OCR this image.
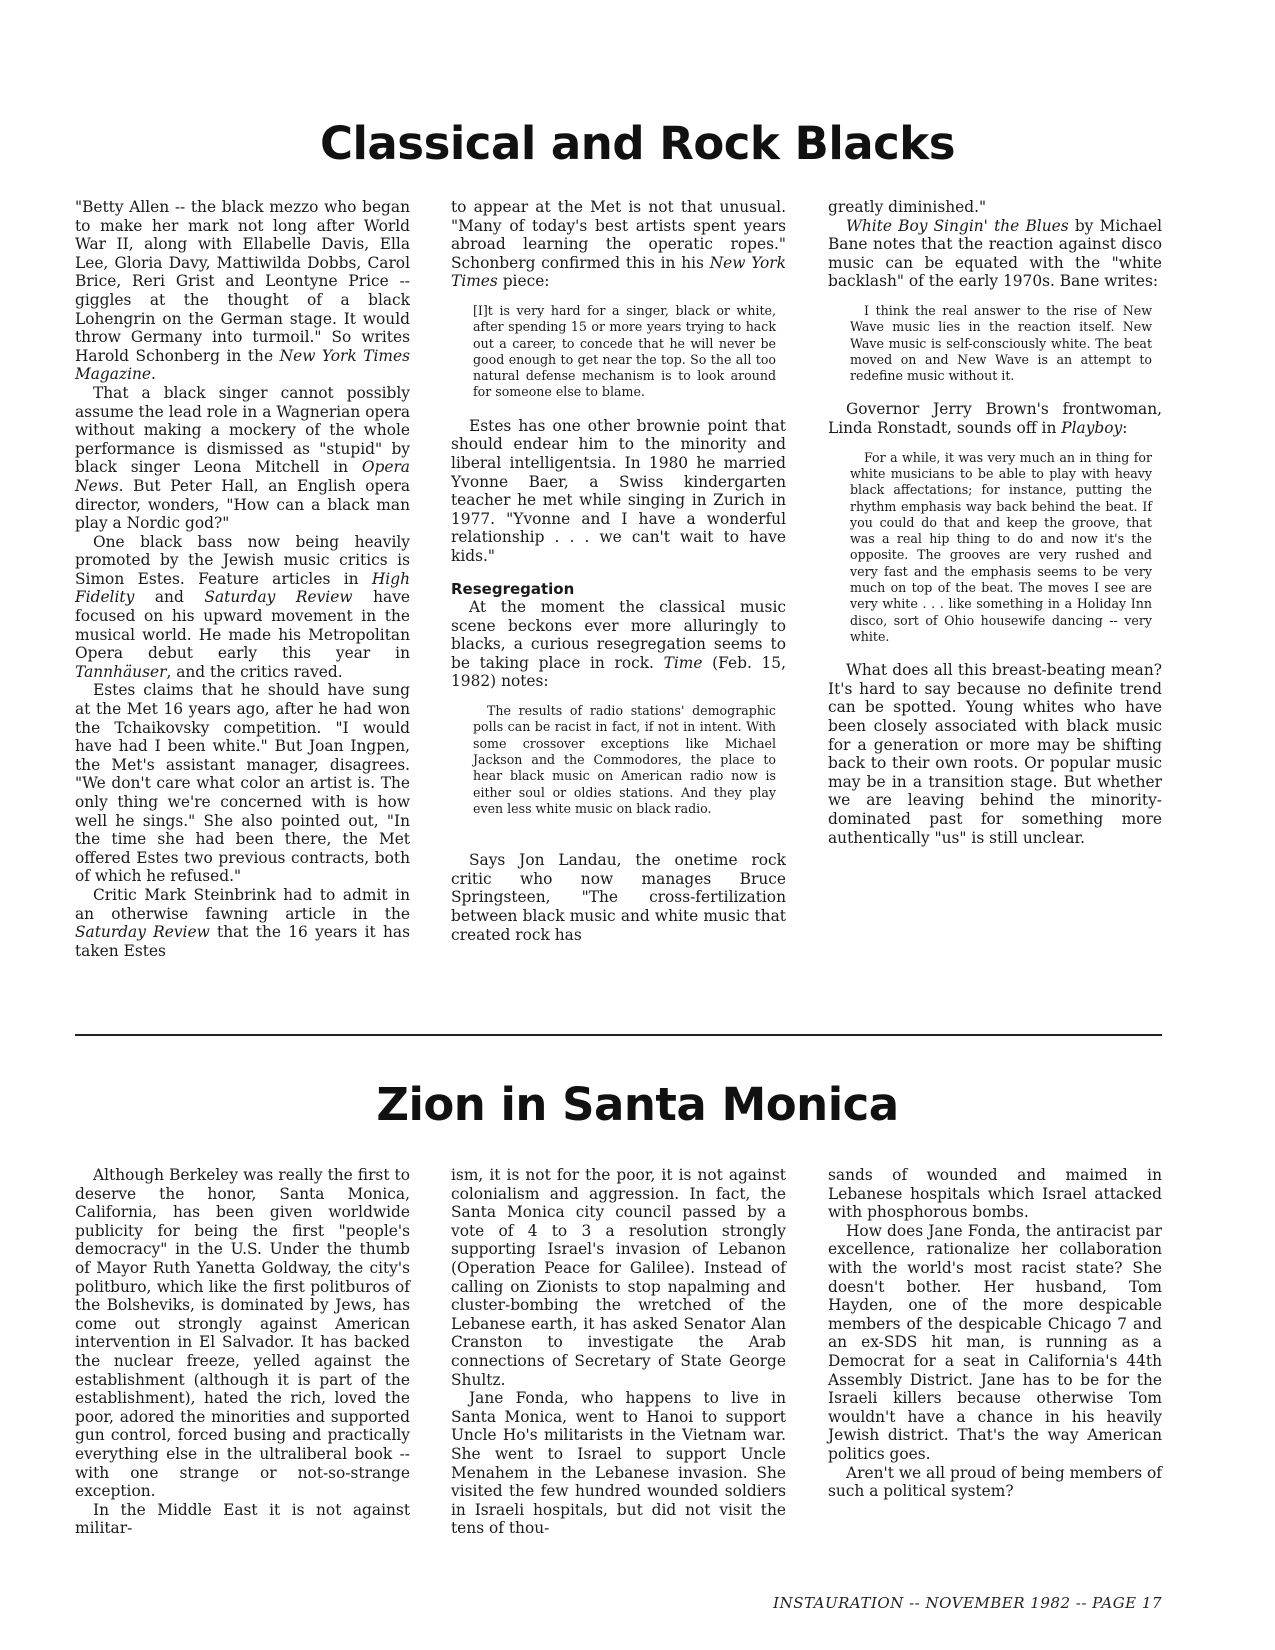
Classical and Rock Blacks

"Betty Allen -- the black mezzo who began to make her mark not long after World War II, along with Ellabelle Davis, Ella Lee, Gloria Davy, Mattiwilda Dobbs, Carol Brice, Reri Grist and Leontyne Price -- giggles at the thought of a black Lohengrin on the German stage. It would throw Germany into turmoil." So writes Harold Schonberg in the New York Times Magazine.

That a black singer cannot possibly assume the lead role in a Wagnerian opera without making a mockery of the whole performance is dismissed as "stupid" by black singer Leona Mitchell in Opera News. But Peter Hall, an English opera director, wonders, "How can a black man play a Nordic god?"

One black bass now being heavily promoted by the Jewish music critics is Simon Estes. Feature articles in High Fidelity and Saturday Review have focused on his upward movement in the musical world. He made his Metropolitan Opera debut early this year in Tannhäuser, and the critics raved.

Estes claims that he should have sung at the Met 16 years ago, after he had won the Tchaikovsky competition. "I would have had I been white." But Joan Ingpen, the Met's assistant manager, disagrees. "We don't care what color an artist is. The only thing we're concerned with is how well he sings." She also pointed out, "In the time she had been there, the Met offered Estes two previous contracts, both of which he refused."

Critic Mark Steinbrink had to admit in an otherwise fawning article in the Saturday Review that the 16 years it has taken Estes

to appear at the Met is not that unusual. "Many of today's best artists spent years abroad learning the operatic ropes." Schonberg confirmed this in his New York Times piece:

[I]t is very hard for a singer, black or white, after spending 15 or more years trying to hack out a career, to concede that he will never be good enough to get near the top. So the all too natural defense mechanism is to look around for someone else to blame.

Estes has one other brownie point that should endear him to the minority and liberal intelligentsia. In 1980 he married Yvonne Baer, a Swiss kindergarten teacher he met while singing in Zurich in 1977. "Yvonne and I have a wonderful relationship . . . we can't wait to have kids."

Resegregation

At the moment the classical music scene beckons ever more alluringly to blacks, a curious resegregation seems to be taking place in rock. Time (Feb. 15, 1982) notes:

The results of radio stations' demographic polls can be racist in fact, if not in intent. With some crossover exceptions like Michael Jackson and the Commodores, the place to hear black music on American radio now is either soul or oldies stations. And they play even less white music on black radio.

Says Jon Landau, the onetime rock critic who now manages Bruce Springsteen, "The cross-fertilization between black music and white music that created rock has

greatly diminished."

White Boy Singin' the Blues by Michael Bane notes that the reaction against disco music can be equated with the "white backlash" of the early 1970s. Bane writes:

I think the real answer to the rise of New Wave music lies in the reaction itself. New Wave music is self-consciously white. The beat moved on and New Wave is an attempt to redefine music without it.

Governor Jerry Brown's frontwoman, Linda Ronstadt, sounds off in Playboy:

For a while, it was very much an in thing for white musicians to be able to play with heavy black affectations; for instance, putting the rhythm emphasis way back behind the beat. If you could do that and keep the groove, that was a real hip thing to do and now it's the opposite. The grooves are very rushed and very fast and the emphasis seems to be very much on top of the beat. The moves I see are very white . . . like something in a Holiday Inn disco, sort of Ohio housewife dancing -- very white.

What does all this breast-beating mean? It's hard to say because no definite trend can be spotted. Young whites who have been closely associated with black music for a generation or more may be shifting back to their own roots. Or popular music may be in a transition stage. But whether we are leaving behind the minority-dominated past for something more authentically "us" is still unclear.

Zion in Santa Monica

Although Berkeley was really the first to deserve the honor, Santa Monica, California, has been given worldwide publicity for being the first "people's democracy" in the U.S. Under the thumb of Mayor Ruth Yanetta Goldway, the city's politburo, which like the first politburos of the Bolsheviks, is dominated by Jews, has come out strongly against American intervention in El Salvador. It has backed the nuclear freeze, yelled against the establishment (although it is part of the establishment), hated the rich, loved the poor, adored the minorities and supported gun control, forced busing and practically everything else in the ultraliberal book -- with one strange or not-so-strange exception.

In the Middle East it is not against militar-

ism, it is not for the poor, it is not against colonialism and aggression. In fact, the Santa Monica city council passed by a vote of 4 to 3 a resolution strongly supporting Israel's invasion of Lebanon (Operation Peace for Galilee). Instead of calling on Zionists to stop napalming and cluster-bombing the wretched of the Lebanese earth, it has asked Senator Alan Cranston to investigate the Arab connections of Secretary of State George Shultz.

Jane Fonda, who happens to live in Santa Monica, went to Hanoi to support Uncle Ho's militarists in the Vietnam war. She went to Israel to support Uncle Menahem in the Lebanese invasion. She visited the few hundred wounded soldiers in Israeli hospitals, but did not visit the tens of thou-

sands of wounded and maimed in Lebanese hospitals which Israel attacked with phosphorous bombs.

How does Jane Fonda, the antiracist par excellence, rationalize her collaboration with the world's most racist state? She doesn't bother. Her husband, Tom Hayden, one of the more despicable members of the despicable Chicago 7 and an ex-SDS hit man, is running as a Democrat for a seat in California's 44th Assembly District. Jane has to be for the Israeli killers because otherwise Tom wouldn't have a chance in his heavily Jewish district. That's the way American politics goes.

Aren't we all proud of being members of such a political system?

INSTAURATION -- NOVEMBER 1982 -- PAGE 17
